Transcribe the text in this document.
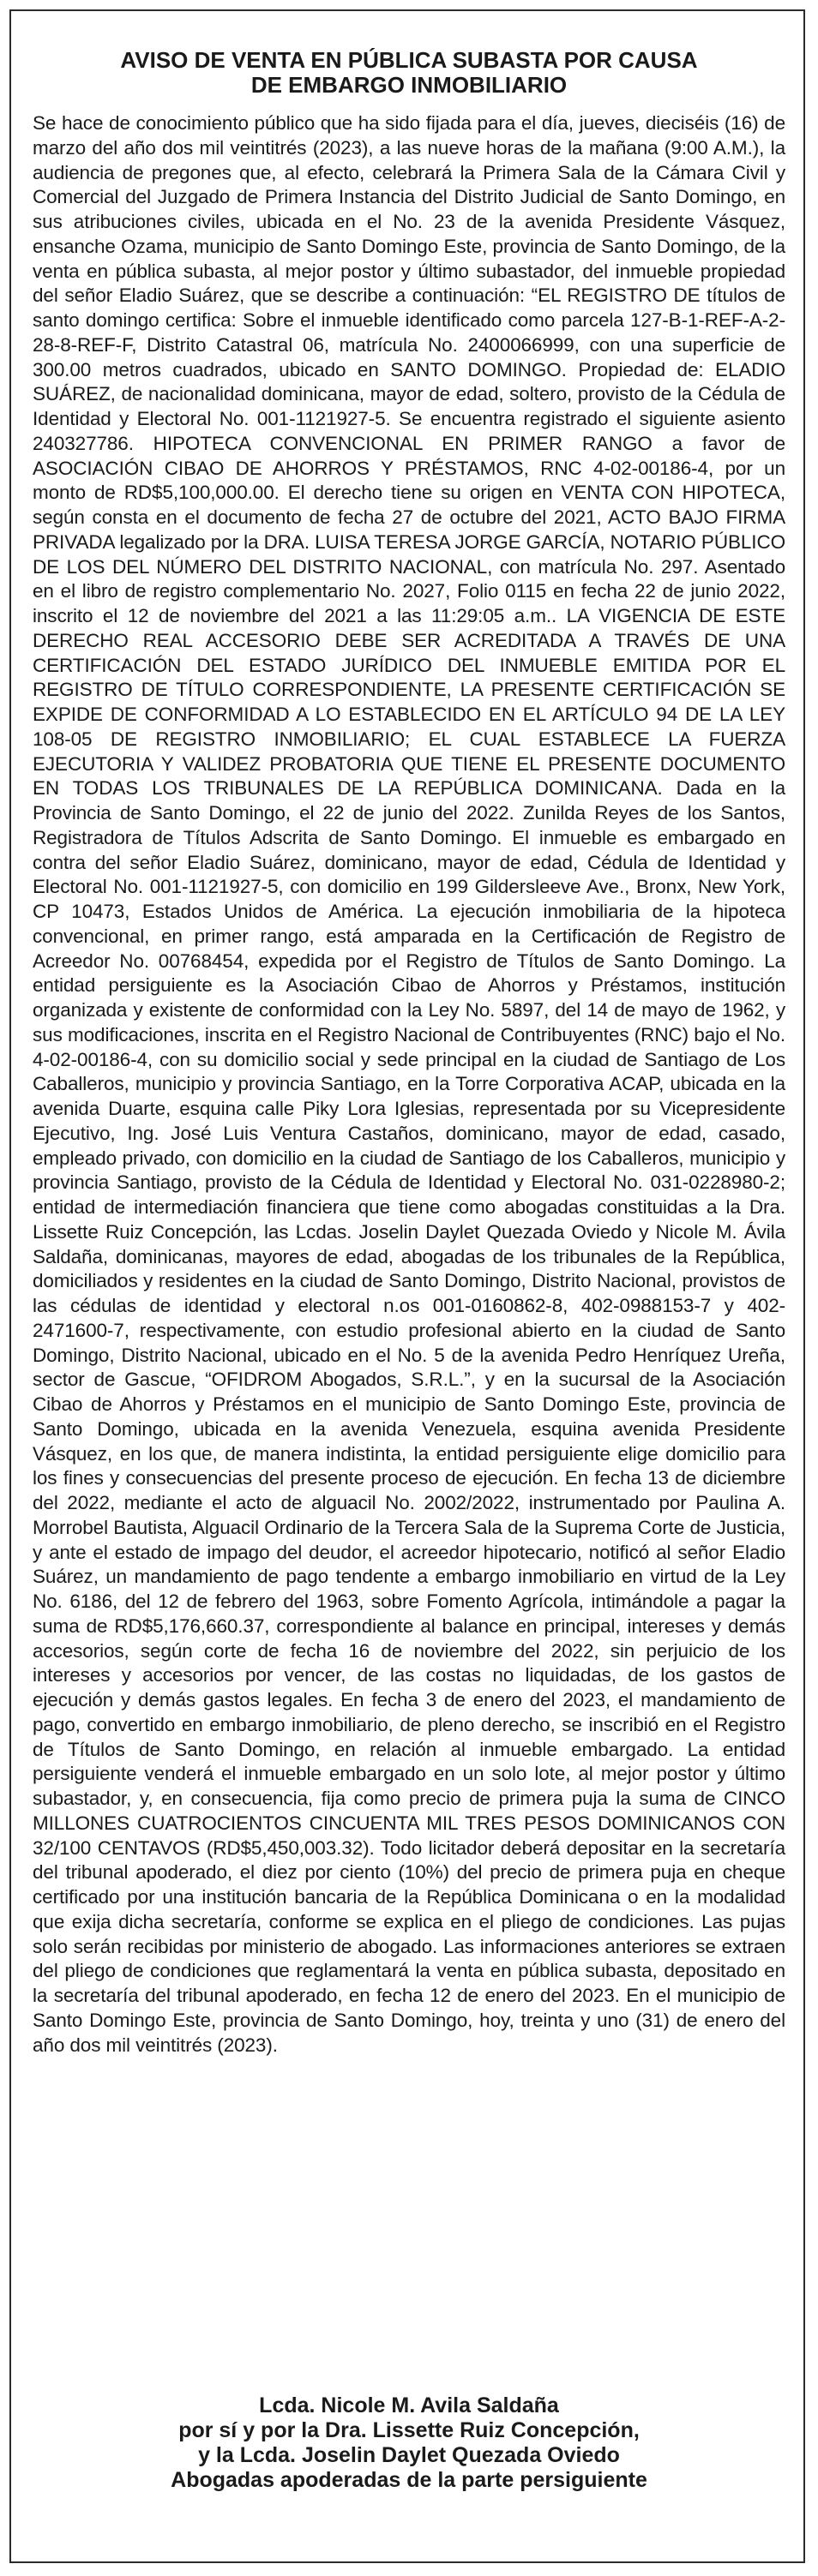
AVISO DE VENTA EN PÚBLICA SUBASTA POR CAUSA
DE EMBARGO INMOBILIARIO
Se hace de conocimiento público que ha sido fijada para el día, jueves, dieciséis (16) de marzo del año dos mil veintitrés (2023), a las nueve horas de la mañana (9:00 A.M.), la audiencia de pregones que, al efecto, celebrará la Primera Sala de la Cámara Civil y Comercial del Juzgado de Primera Instancia del Distrito Judicial de Santo Domingo, en sus atribuciones civiles, ubicada en el No. 23 de la avenida Presidente Vásquez, ensanche Ozama, municipio de Santo Domingo Este, provincia de Santo Domingo, de la venta en pública subasta, al mejor postor y último subastador, del inmueble propiedad del señor Eladio Suárez, que se describe a continuación: “EL REGISTRO DE títulos de santo domingo certifica: Sobre el inmueble identificado como parcela 127-B-1-REF-A-2-28-8-REF-F, Distrito Catastral 06, matrícula No. 2400066999, con una superficie de 300.00 metros cuadrados, ubicado en SANTO DOMINGO. Propiedad de: ELADIO SUÁREZ, de nacionalidad dominicana, mayor de edad, soltero, provisto de la Cédula de Identidad y Electoral No. 001-1121927-5. Se encuentra registrado el siguiente asiento 240327786. HIPOTECA CONVENCIONAL EN PRIMER RANGO a favor de ASOCIACIÓN CIBAO DE AHORROS Y PRÉSTAMOS, RNC 4-02-00186-4, por un monto de RD$5,100,000.00. El derecho tiene su origen en VENTA CON HIPOTECA, según consta en el documento de fecha 27 de octubre del 2021, ACTO BAJO FIRMA PRIVADA legalizado por la DRA. LUISA TERESA JORGE GARCÍA, NOTARIO PÚBLICO DE LOS DEL NÚMERO DEL DISTRITO NACIONAL, con matrícula No. 297. Asentado en el libro de registro complementario No. 2027, Folio 0115 en fecha 22 de junio 2022, inscrito el 12 de noviembre del 2021 a las 11:29:05 a.m.. LA VIGENCIA DE ESTE DERECHO REAL ACCESORIO DEBE SER ACREDITADA A TRAVÉS DE UNA CERTIFICACIÓN DEL ESTADO JURÍDICO DEL INMUEBLE EMITIDA POR EL REGISTRO DE TÍTULO CORRESPONDIENTE, LA PRESENTE CERTIFICACIÓN SE EXPIDE DE CONFORMIDAD A LO ESTABLECIDO EN EL ARTÍCULO 94 DE LA LEY 108-05 DE REGISTRO INMOBILIARIO; EL CUAL ESTABLECE LA FUERZA EJECUTORIA Y VALIDEZ PROBATORIA QUE TIENE EL PRESENTE DOCUMENTO EN TODAS LOS TRIBUNALES DE LA REPÚBLICA DOMINICANA. Dada en la Provincia de Santo Domingo, el 22 de junio del 2022. Zunilda Reyes de los Santos, Registradora de Títulos Adscrita de Santo Domingo. El inmueble es embargado en contra del señor Eladio Suárez, dominicano, mayor de edad, Cédula de Identidad y Electoral No. 001-1121927-5, con domicilio en 199 Gildersleeve Ave., Bronx, New York, CP 10473, Estados Unidos de América. La ejecución inmobiliaria de la hipoteca convencional, en primer rango, está amparada en la Certificación de Registro de Acreedor No. 00768454, expedida por el Registro de Títulos de Santo Domingo. La entidad persiguiente es la Asociación Cibao de Ahorros y Préstamos, institución organizada y existente de conformidad con la Ley No. 5897, del 14 de mayo de 1962, y sus modificaciones, inscrita en el Registro Nacional de Contribuyentes (RNC) bajo el No. 4-02-00186-4, con su domicilio social y sede principal en la ciudad de Santiago de Los Caballeros, municipio y provincia Santiago, en la Torre Corporativa ACAP, ubicada en la avenida Duarte, esquina calle Piky Lora Iglesias, representada por su Vicepresidente Ejecutivo, Ing. José Luis Ventura Castaños, dominicano, mayor de edad, casado, empleado privado, con domicilio en la ciudad de Santiago de los Caballeros, municipio y provincia Santiago, provisto de la Cédula de Identidad y Electoral No. 031-0228980-2; entidad de intermediación financiera que tiene como abogadas constituidas a la Dra. Lissette Ruiz Concepción, las Lcdas. Joselin Daylet Quezada Oviedo y Nicole M. Ávila Saldaña, dominicanas, mayores de edad, abogadas de los tribunales de la República, domiciliados y residentes en la ciudad de Santo Domingo, Distrito Nacional, provistos de las cédulas de identidad y electoral n.os 001-0160862-8, 402-0988153-7 y 402-2471600-7, respectivamente, con estudio profesional abierto en la ciudad de Santo Domingo, Distrito Nacional, ubicado en el No. 5 de la avenida Pedro Henríquez Ureña, sector de Gascue, “OFIDROM Abogados, S.R.L.”, y en la sucursal de la Asociación Cibao de Ahorros y Préstamos en el municipio de Santo Domingo Este, provincia de Santo Domingo, ubicada en la avenida Venezuela, esquina avenida Presidente Vásquez, en los que, de manera indistinta, la entidad persiguiente elige domicilio para los fines y consecuencias del presente proceso de ejecución. En fecha 13 de diciembre del 2022, mediante el acto de alguacil No. 2002/2022, instrumentado por Paulina A. Morrobel Bautista, Alguacil Ordinario de la Tercera Sala de la Suprema Corte de Justicia, y ante el estado de impago del deudor, el acreedor hipotecario, notificó al señor Eladio Suárez, un mandamiento de pago tendente a embargo inmobiliario en virtud de la Ley No. 6186, del 12 de febrero del 1963, sobre Fomento Agrícola, intimándole a pagar la suma de RD$5,176,660.37, correspondiente al balance en principal, intereses y demás accesorios, según corte de fecha 16 de noviembre del 2022, sin perjuicio de los intereses y accesorios por vencer, de las costas no liquidadas, de los gastos de ejecución y demás gastos legales. En fecha 3 de enero del 2023, el mandamiento de pago, convertido en embargo inmobiliario, de pleno derecho, se inscribió en el Registro de Títulos de Santo Domingo, en relación al inmueble embargado. La entidad persiguiente venderá el inmueble embargado en un solo lote, al mejor postor y último subastador, y, en consecuencia, fija como precio de primera puja la suma de CINCO MILLONES CUATROCIENTOS CINCUENTA MIL TRES PESOS DOMINICANOS CON 32/100 CENTAVOS (RD$5,450,003.32). Todo licitador deberá depositar en la secretaría del tribunal apoderado, el diez por ciento (10%) del precio de primera puja en cheque certificado por una institución bancaria de la República Dominicana o en la modalidad que exija dicha secretaría, conforme se explica en el pliego de condiciones. Las pujas solo serán recibidas por ministerio de abogado. Las informaciones anteriores se extraen del pliego de condiciones que reglamentará la venta en pública subasta, depositado en la secretaría del tribunal apoderado, en fecha 12 de enero del 2023. En el municipio de Santo Domingo Este, provincia de Santo Domingo, hoy, treinta y uno (31) de enero del año dos mil veintitrés (2023).
Lcda. Nicole M. Avila Saldaña
por sí y por la Dra. Lissette Ruiz Concepción,
y la Lcda. Joselin Daylet Quezada Oviedo
Abogadas apoderadas de la parte persiguiente
